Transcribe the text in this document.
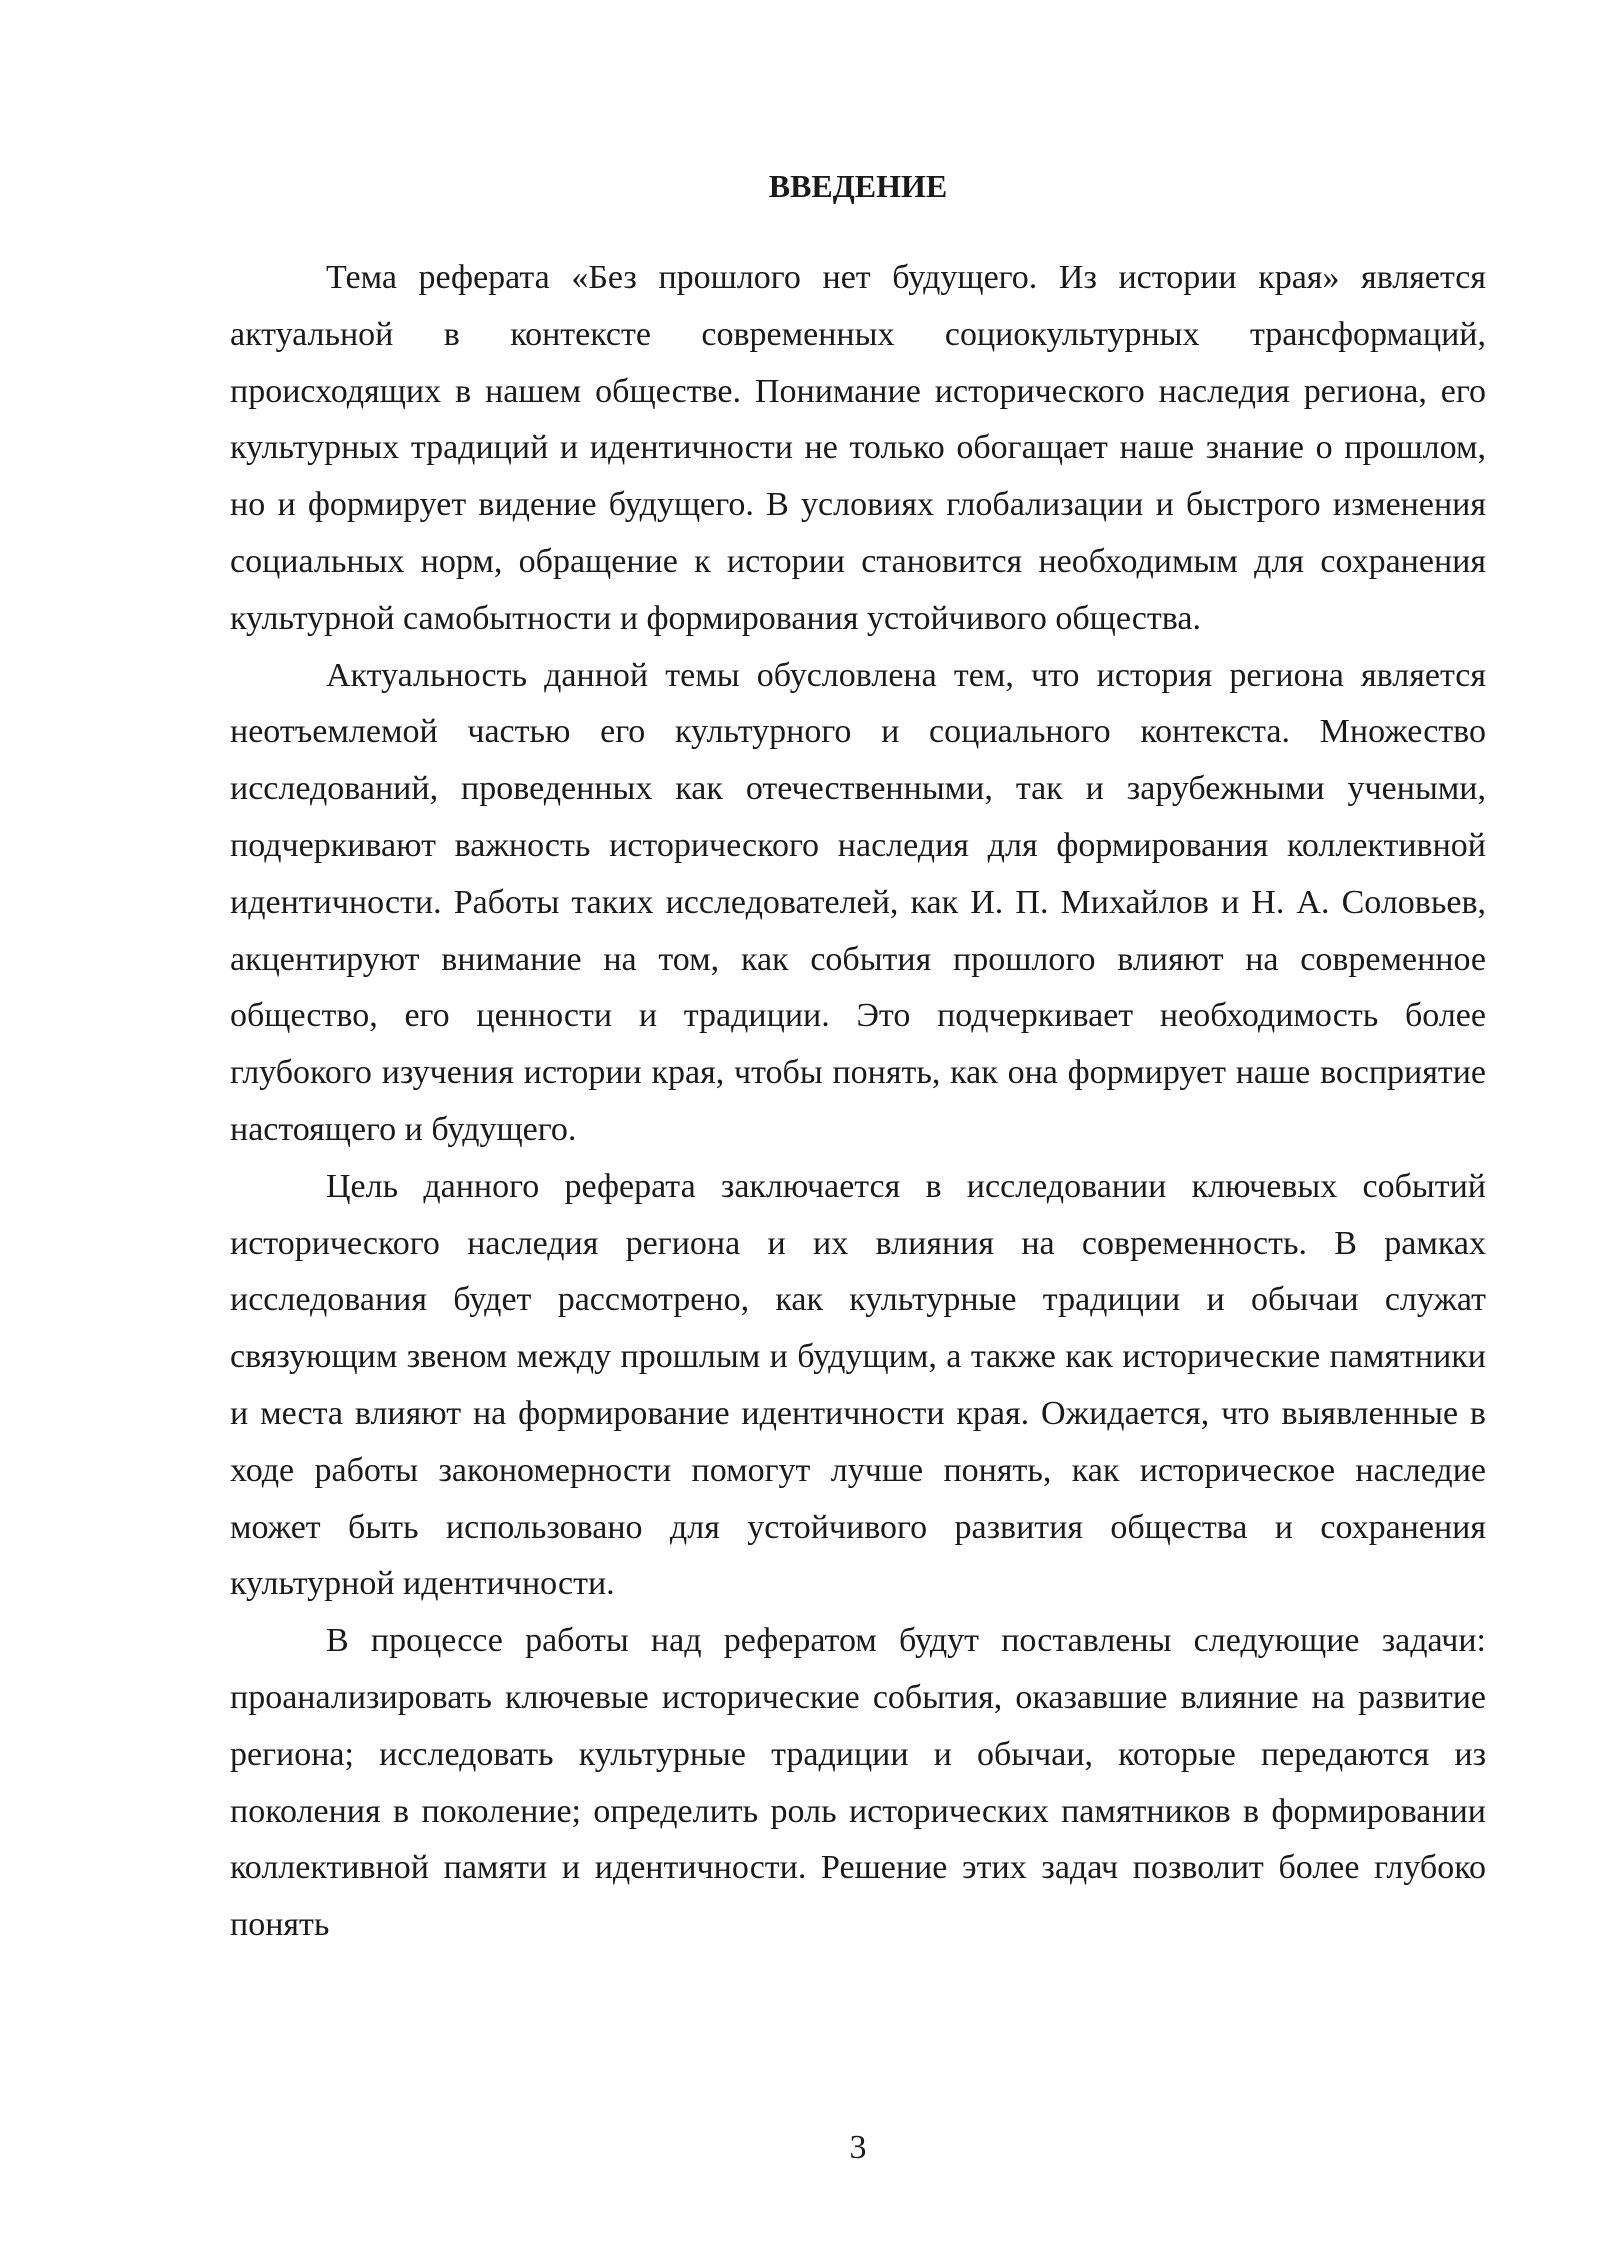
ВВЕДЕНИЕ

Тема реферата «Без прошлого нет будущего. Из истории края» является актуальной в контексте современных социокультурных трансформаций, происходящих в нашем обществе. Понимание исторического наследия региона, его культурных традиций и идентичности не только обогащает наше знание о прошлом, но и формирует видение будущего. В условиях глобализации и быстрого изменения социальных норм, обращение к истории становится необходимым для сохранения культурной самобытности и формирования устойчивого общества.

Актуальность данной темы обусловлена тем, что история региона является неотъемлемой частью его культурного и социального контекста. Множество исследований, проведенных как отечественными, так и зарубежными учеными, подчеркивают важность исторического наследия для формирования коллективной идентичности. Работы таких исследователей, как И. П. Михайлов и Н. А. Соловьев, акцентируют внимание на том, как события прошлого влияют на современное общество, его ценности и традиции. Это подчеркивает необходимость более глубокого изучения истории края, чтобы понять, как она формирует наше восприятие настоящего и будущего.

Цель данного реферата заключается в исследовании ключевых событий исторического наследия региона и их влияния на современность. В рамках исследования будет рассмотрено, как культурные традиции и обычаи служат связующим звеном между прошлым и будущим, а также как исторические памятники и места влияют на формирование идентичности края. Ожидается, что выявленные в ходе работы закономерности помогут лучше понять, как историческое наследие может быть использовано для устойчивого развития общества и сохранения культурной идентичности.

В процессе работы над рефератом будут поставлены следующие задачи: проанализировать ключевые исторические события, оказавшие влияние на развитие региона; исследовать культурные традиции и обычаи, которые передаются из поколения в поколение; определить роль исторических памятников в формировании коллективной памяти и идентичности. Решение этих задач позволит более глубоко понять

3
